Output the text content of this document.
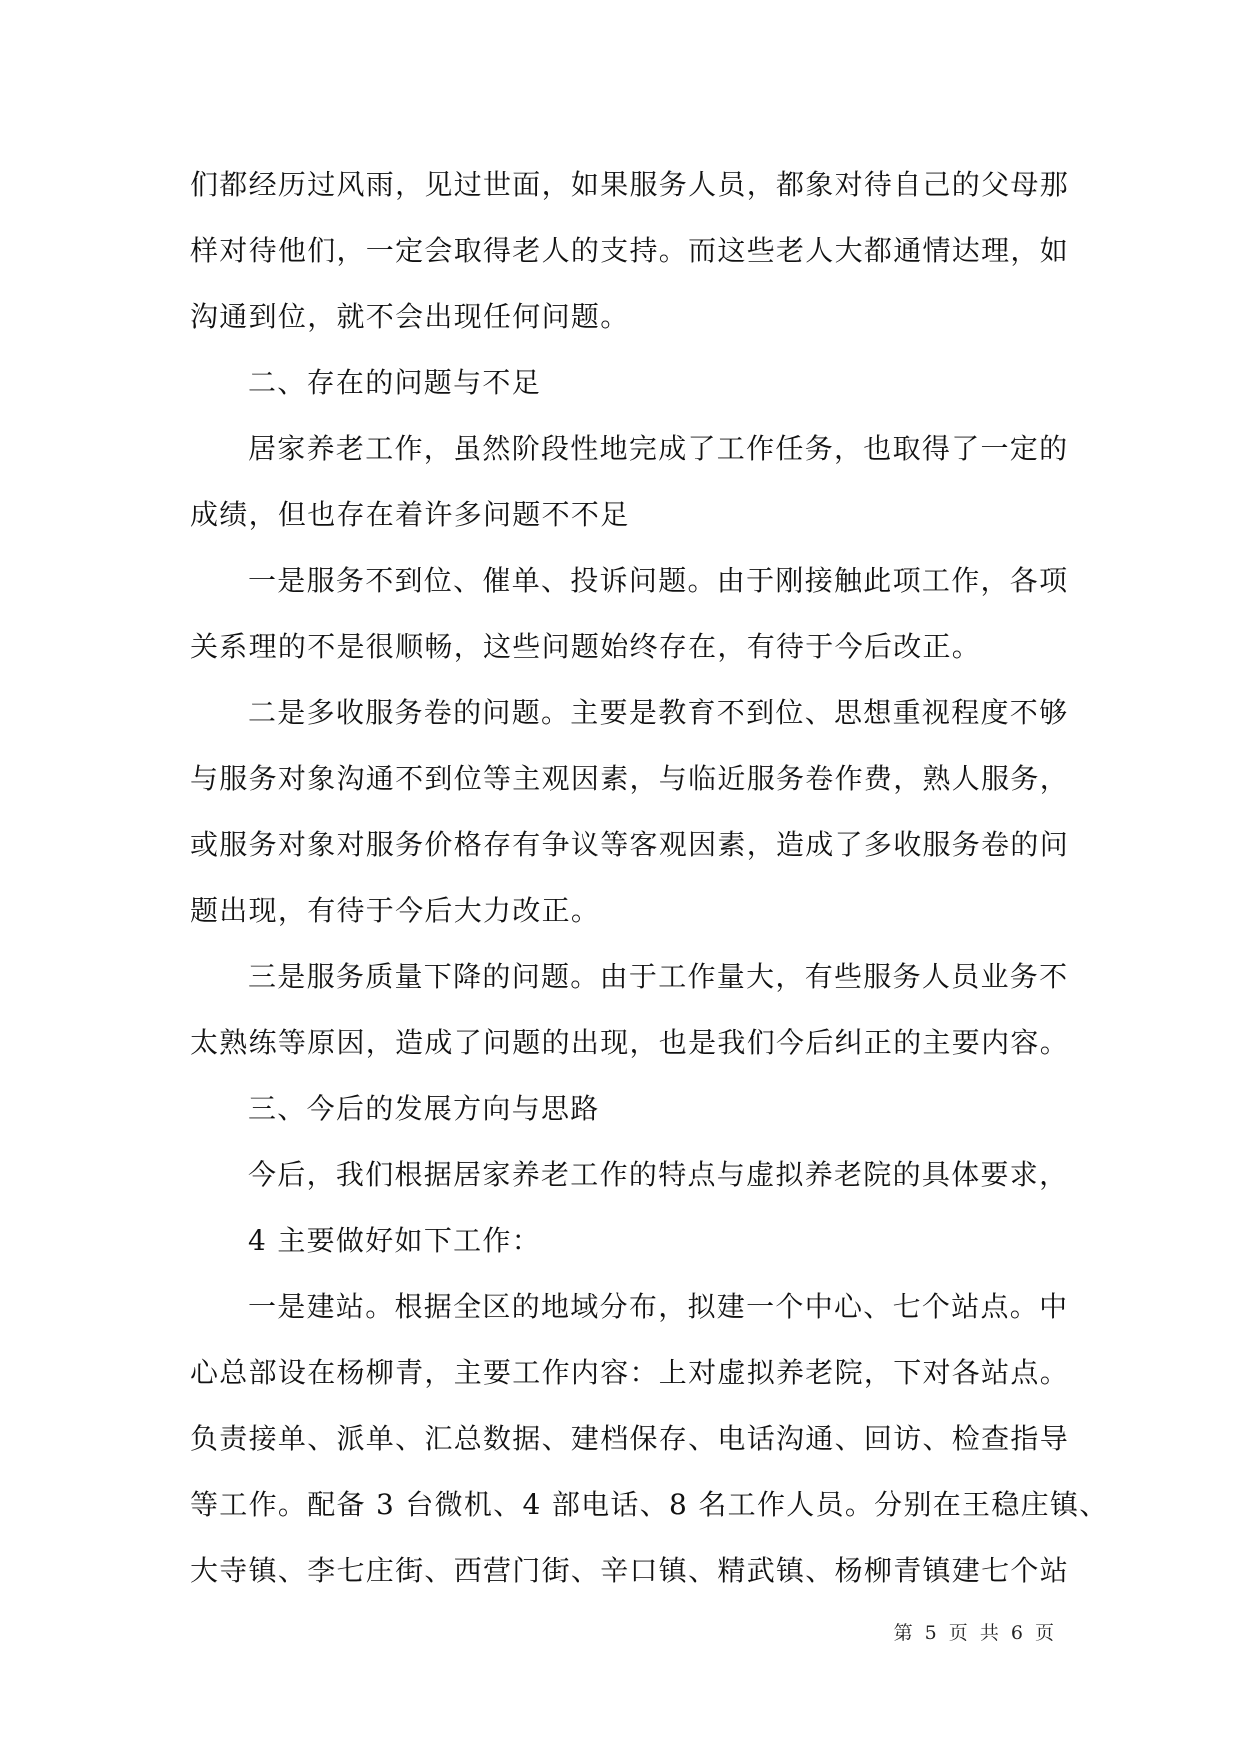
们都经历过风雨，见过世面，如果服务人员，都象对待自己的父母那
样对待他们，一定会取得老人的支持。而这些老人大都通情达理，如
沟通到位，就不会出现任何问题。
二、存在的问题与不足
居家养老工作，虽然阶段性地完成了工作任务，也取得了一定的
成绩，但也存在着许多问题不不足
一是服务不到位、催单、投诉问题。由于刚接触此项工作，各项
关系理的不是很顺畅，这些问题始终存在，有待于今后改正。
二是多收服务卷的问题。主要是教育不到位、思想重视程度不够
与服务对象沟通不到位等主观因素，与临近服务卷作费，熟人服务，
或服务对象对服务价格存有争议等客观因素，造成了多收服务卷的问
题出现，有待于今后大力改正。
三是服务质量下降的问题。由于工作量大，有些服务人员业务不
太熟练等原因，造成了问题的出现，也是我们今后纠正的主要内容。
三、今后的发展方向与思路
今后，我们根据居家养老工作的特点与虚拟养老院的具体要求，
4 主要做好如下工作：
一是建站。根据全区的地域分布，拟建一个中心、七个站点。中
心总部设在杨柳青，主要工作内容：上对虚拟养老院，下对各站点。
负责接单、派单、汇总数据、建档保存、电话沟通、回访、检查指导
等工作。配备 3 台微机、4 部电话、8 名工作人员。分别在王稳庄镇、
大寺镇、李七庄街、西营门街、辛口镇、精武镇、杨柳青镇建七个站
第 5 页 共 6 页
